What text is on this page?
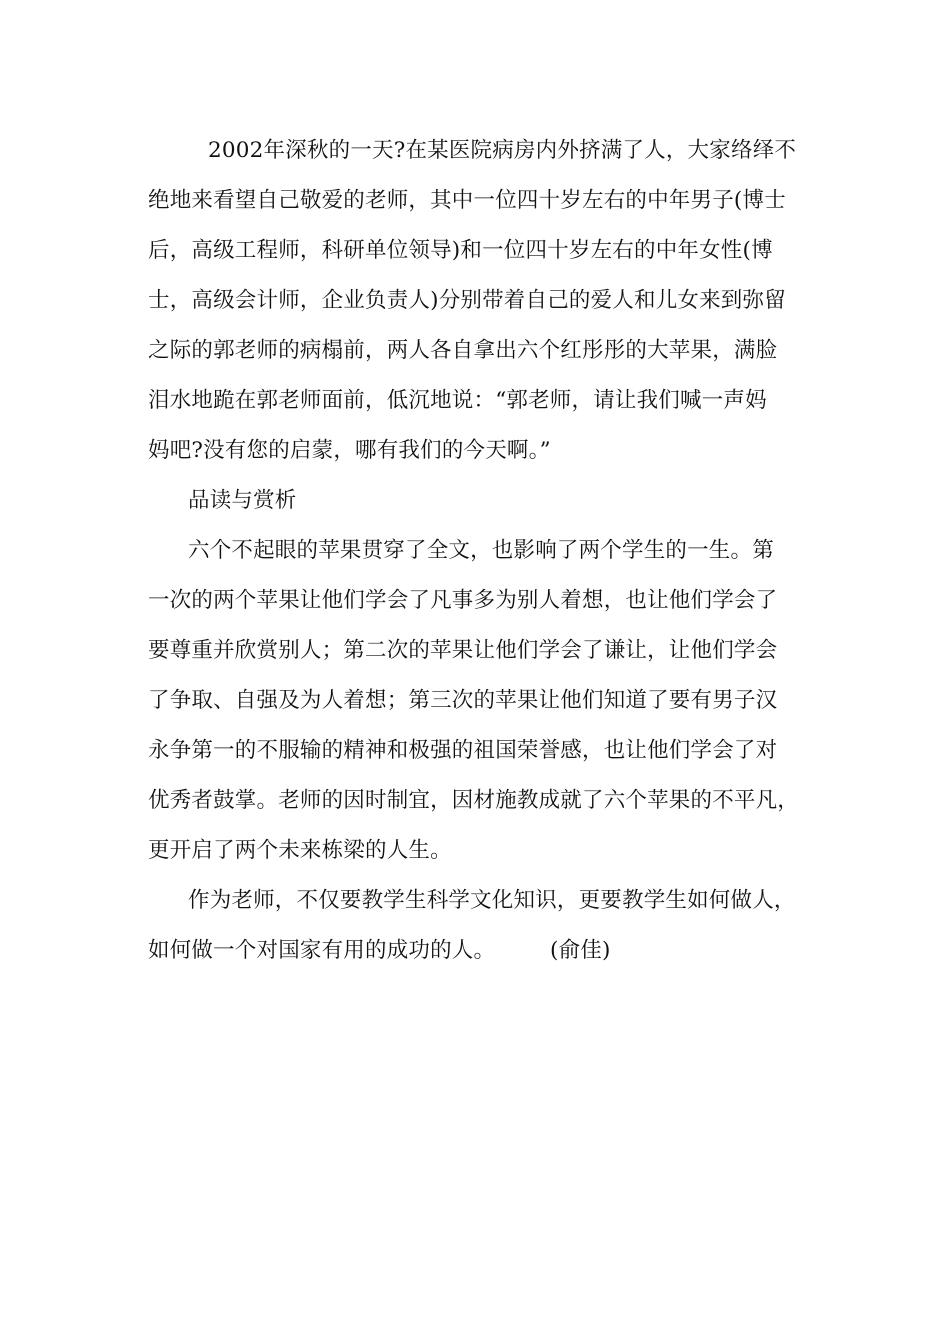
2002年深秋的一天?在某医院病房内外挤满了人，大家络绎不
绝地来看望自己敬爱的老师，其中一位四十岁左右的中年男子(博士
后，高级工程师，科研单位领导)和一位四十岁左右的中年女性(博
士，高级会计师，企业负责人)分别带着自己的爱人和儿女来到弥留
之际的郭老师的病榻前，两人各自拿出六个红彤彤的大苹果，满脸
泪水地跪在郭老师面前，低沉地说：“郭老师，请让我们喊一声妈
妈吧?没有您的启蒙，哪有我们的今天啊。”
品读与赏析
六个不起眼的苹果贯穿了全文，也影响了两个学生的一生。第
一次的两个苹果让他们学会了凡事多为别人着想，也让他们学会了
要尊重并欣赏别人；第二次的苹果让他们学会了谦让，让他们学会
了争取、自强及为人着想；第三次的苹果让他们知道了要有男子汉
永争第一的不服输的精神和极强的祖国荣誉感，也让他们学会了对
优秀者鼓掌。老师的因时制宜，因材施教成就了六个苹果的不平凡，
更开启了两个未来栋梁的人生。
作为老师，不仅要教学生科学文化知识，更要教学生如何做人，
如何做一个对国家有用的成功的人。	(俞佳)
